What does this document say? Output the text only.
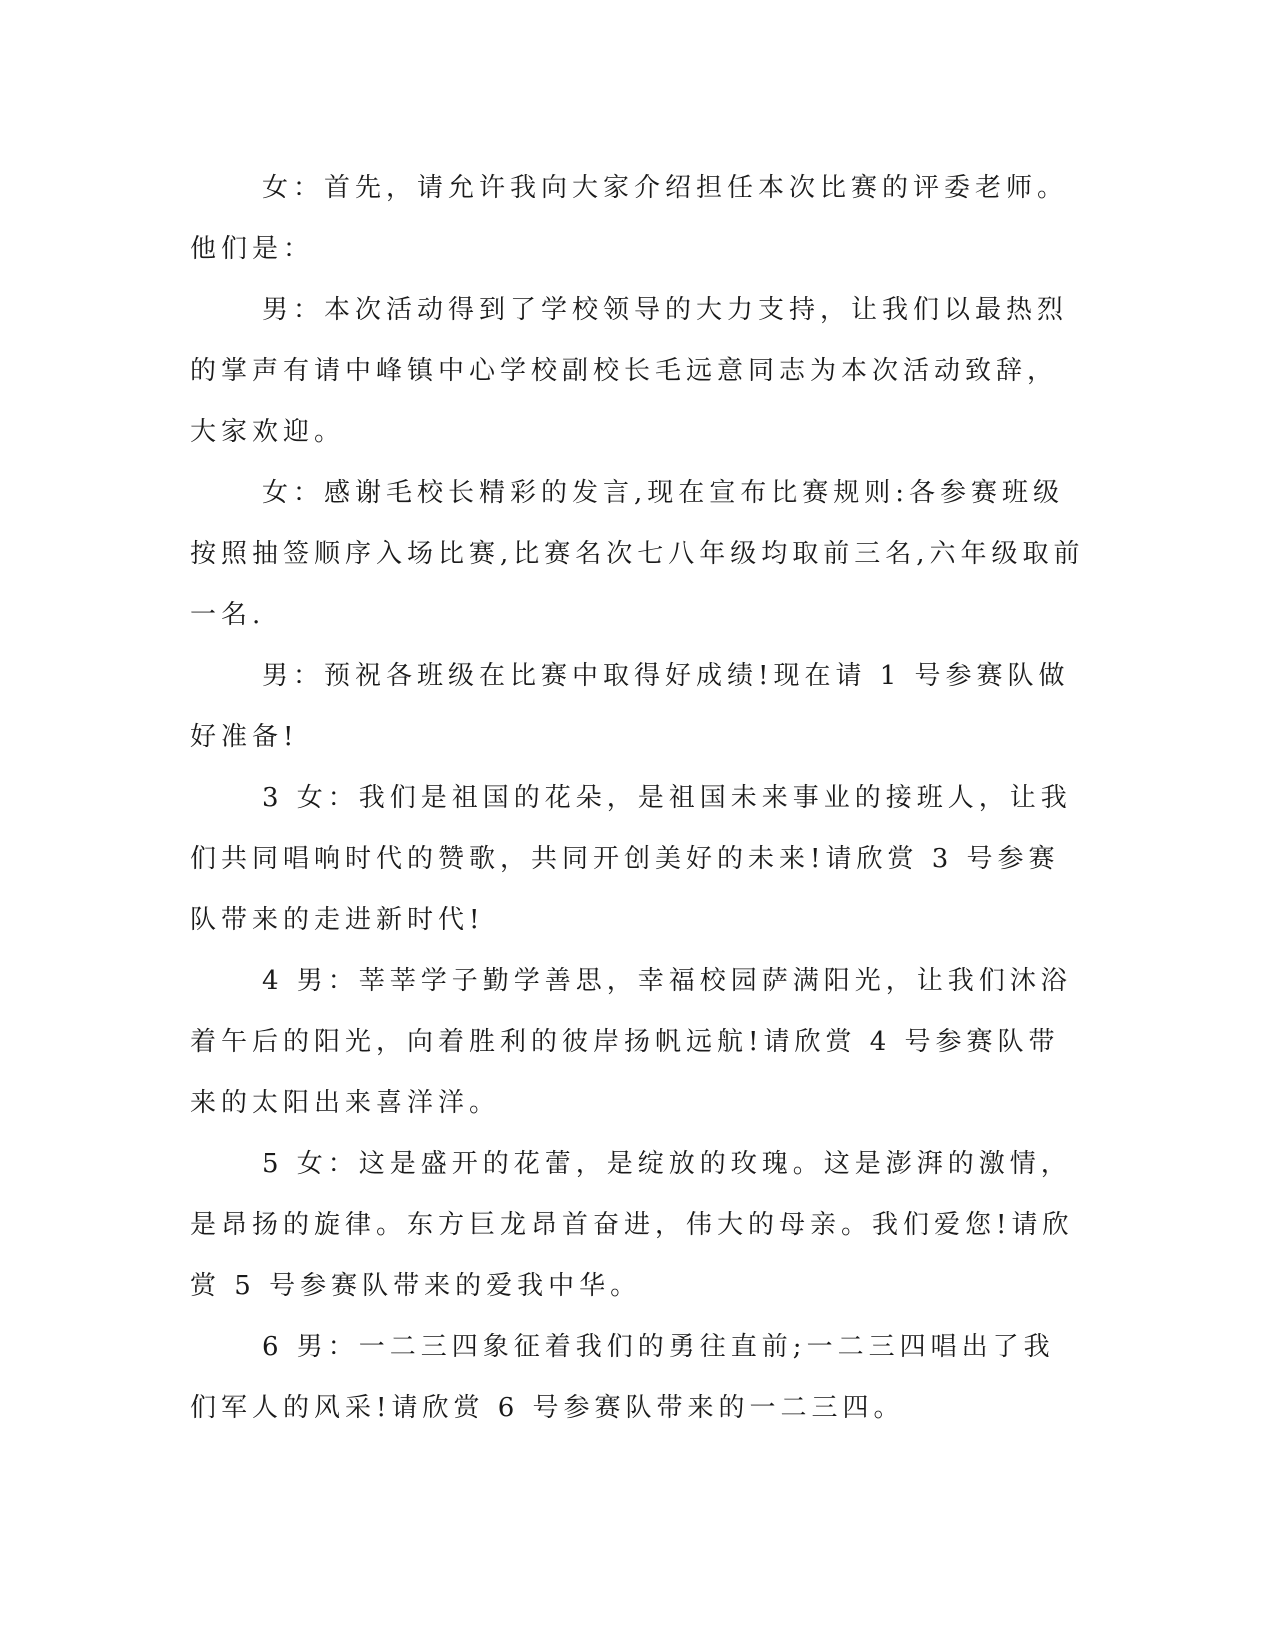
女：首先，请允许我向大家介绍担任本次比赛的评委老师。他们是：

男：本次活动得到了学校领导的大力支持，让我们以最热烈的掌声有请中峰镇中心学校副校长毛远意同志为本次活动致辞，大家欢迎。

女：感谢毛校长精彩的发言,现在宣布比赛规则:各参赛班级按照抽签顺序入场比赛,比赛名次七八年级均取前三名,六年级取前一名.

男：预祝各班级在比赛中取得好成绩!现在请 1 号参赛队做好准备!

3 女：我们是祖国的花朵，是祖国未来事业的接班人，让我们共同唱响时代的赞歌，共同开创美好的未来!请欣赏 3 号参赛队带来的走进新时代!

4 男：莘莘学子勤学善思，幸福校园萨满阳光，让我们沐浴着午后的阳光，向着胜利的彼岸扬帆远航!请欣赏 4 号参赛队带来的太阳出来喜洋洋。

5 女：这是盛开的花蕾，是绽放的玫瑰。这是澎湃的激情，是昂扬的旋律。东方巨龙昂首奋进，伟大的母亲。我们爱您!请欣赏 5 号参赛队带来的爱我中华。

6 男：一二三四象征着我们的勇往直前;一二三四唱出了我们军人的风采!请欣赏 6 号参赛队带来的一二三四。
